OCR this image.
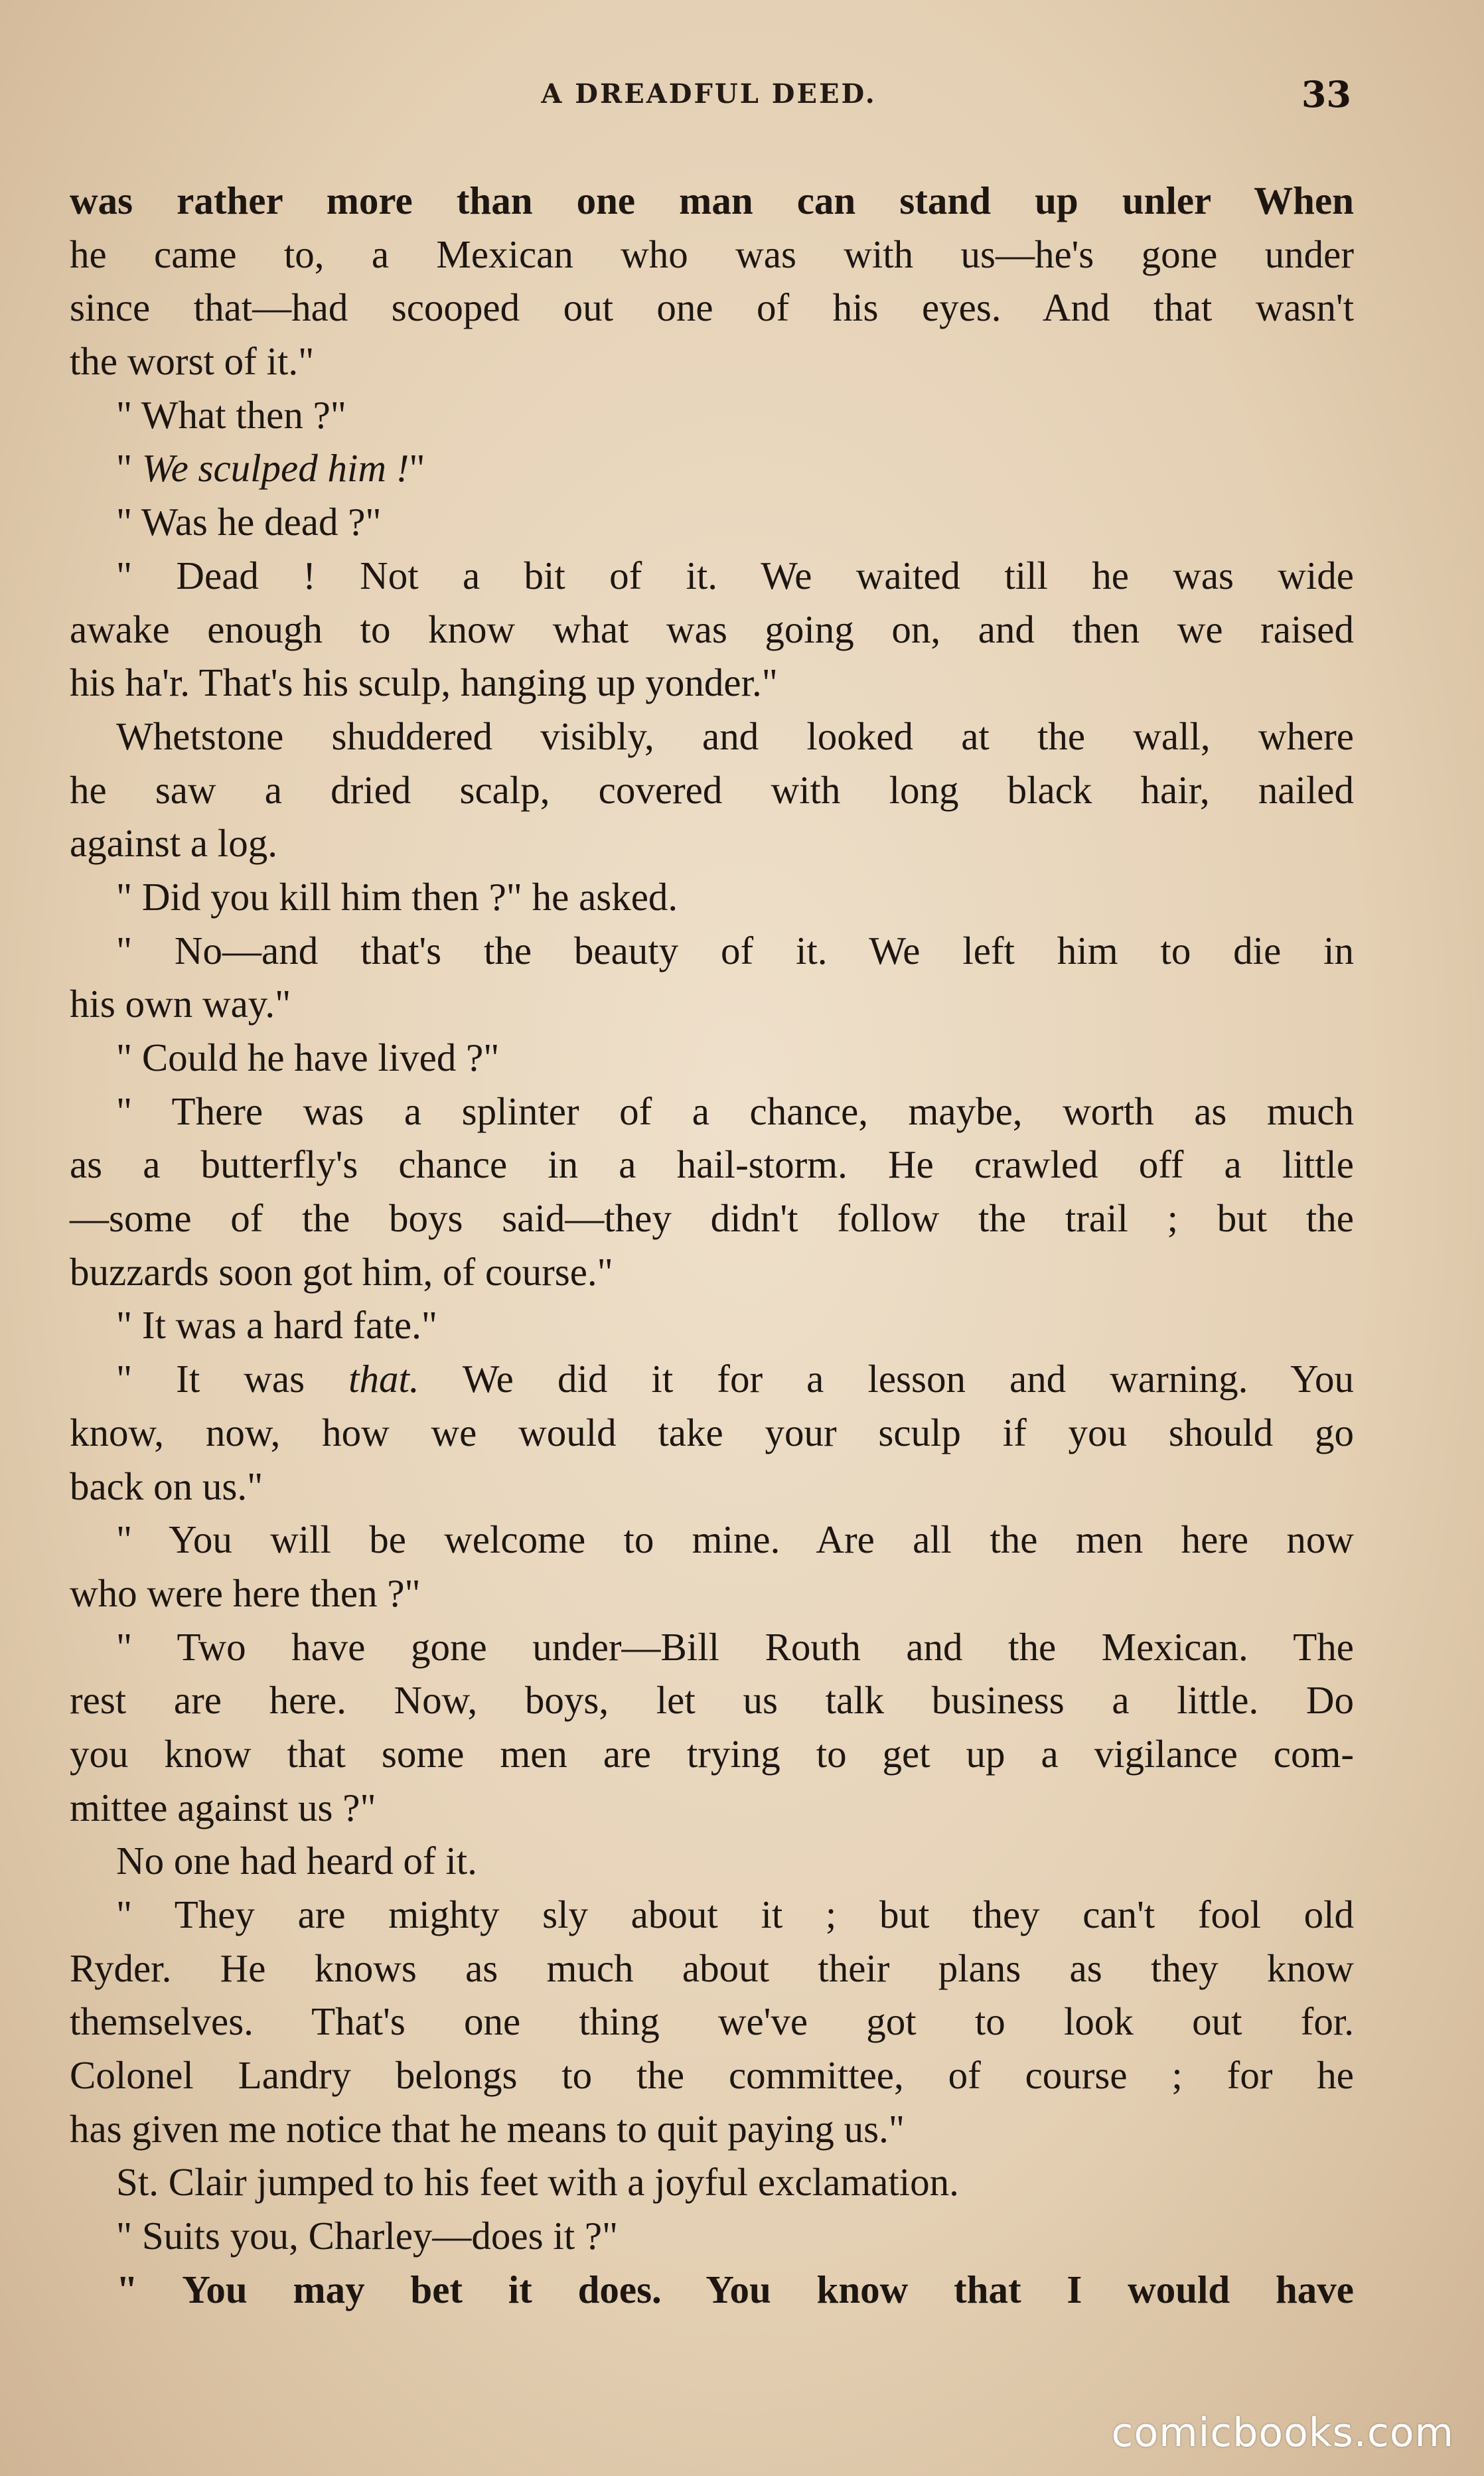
A DREADFUL DEED.	33
was rather more than one man can stand up unler When
he came to, a Mexican who was with us—he's gone under
since that—had scooped out one of his eyes. And that wasn't
the worst of it."
" What then ?"
" We sculped him !"
" Was he dead ?"
" Dead ! Not a bit of it. We waited till he was wide
awake enough to know what was going on, and then we raised
his ha'r. That's his sculp, hanging up yonder."
Whetstone shuddered visibly, and looked at the wall, where
he saw a dried scalp, covered with long black hair, nailed
against a log.
" Did you kill him then ?" he asked.
" No—and that's the beauty of it. We left him to die in
his own way."
" Could he have lived ?"
" There was a splinter of a chance, maybe, worth as much
as a butterfly's chance in a hail-storm. He crawled off a little
—some of the boys said—they didn't follow the trail ; but the
buzzards soon got him, of course."
" It was a hard fate."
" It was that. We did it for a lesson and warning. You
know, now, how we would take your sculp if you should go
back on us."
" You will be welcome to mine. Are all the men here now
who were here then ?"
" Two have gone under—Bill Routh and the Mexican. The
rest are here. Now, boys, let us talk business a little. Do
you know that some men are trying to get up a vigilance com-
mittee against us ?"
No one had heard of it.
" They are mighty sly about it ; but they can't fool old
Ryder. He knows as much about their plans as they know
themselves. That's one thing we've got to look out for.
Colonel Landry belongs to the committee, of course ; for he
has given me notice that he means to quit paying us."
St. Clair jumped to his feet with a joyful exclamation.
" Suits you, Charley—does it ?"
" You may bet it does. You know that I would have
comicbooks.com
